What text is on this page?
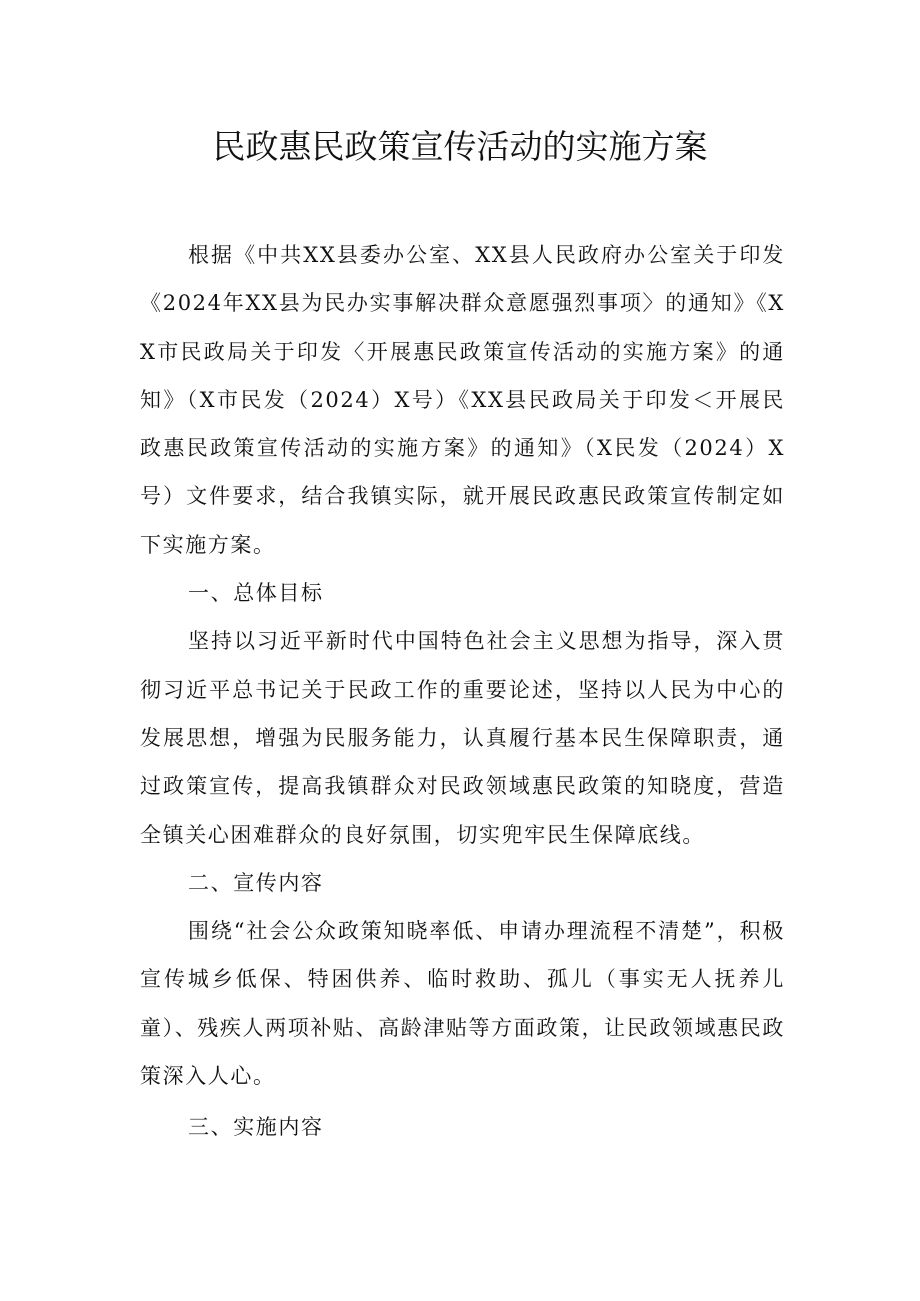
民政惠民政策宣传活动的实施方案

根据《中共XX县委办公室、XX县人民政府办公室关于印发《2024年XX县为民办实事解决群众意愿强烈事项〉的通知》《XX市民政局关于印发〈开展惠民政策宣传活动的实施方案》的通知》（X市民发（2024）X号）《XX县民政局关于印发＜开展民政惠民政策宣传活动的实施方案》的通知》（X民发（2024）X号）文件要求，结合我镇实际，就开展民政惠民政策宣传制定如下实施方案。

一、总体目标

坚持以习近平新时代中国特色社会主义思想为指导，深入贯彻习近平总书记关于民政工作的重要论述，坚持以人民为中心的发展思想，增强为民服务能力，认真履行基本民生保障职责，通过政策宣传，提高我镇群众对民政领域惠民政策的知晓度，营造全镇关心困难群众的良好氛围，切实兜牢民生保障底线。

二、宣传内容

围绕“社会公众政策知晓率低、申请办理流程不清楚”，积极宣传城乡低保、特困供养、临时救助、孤儿（事实无人抚养儿童）、残疾人两项补贴、高龄津贴等方面政策，让民政领域惠民政策深入人心。

三、实施内容
